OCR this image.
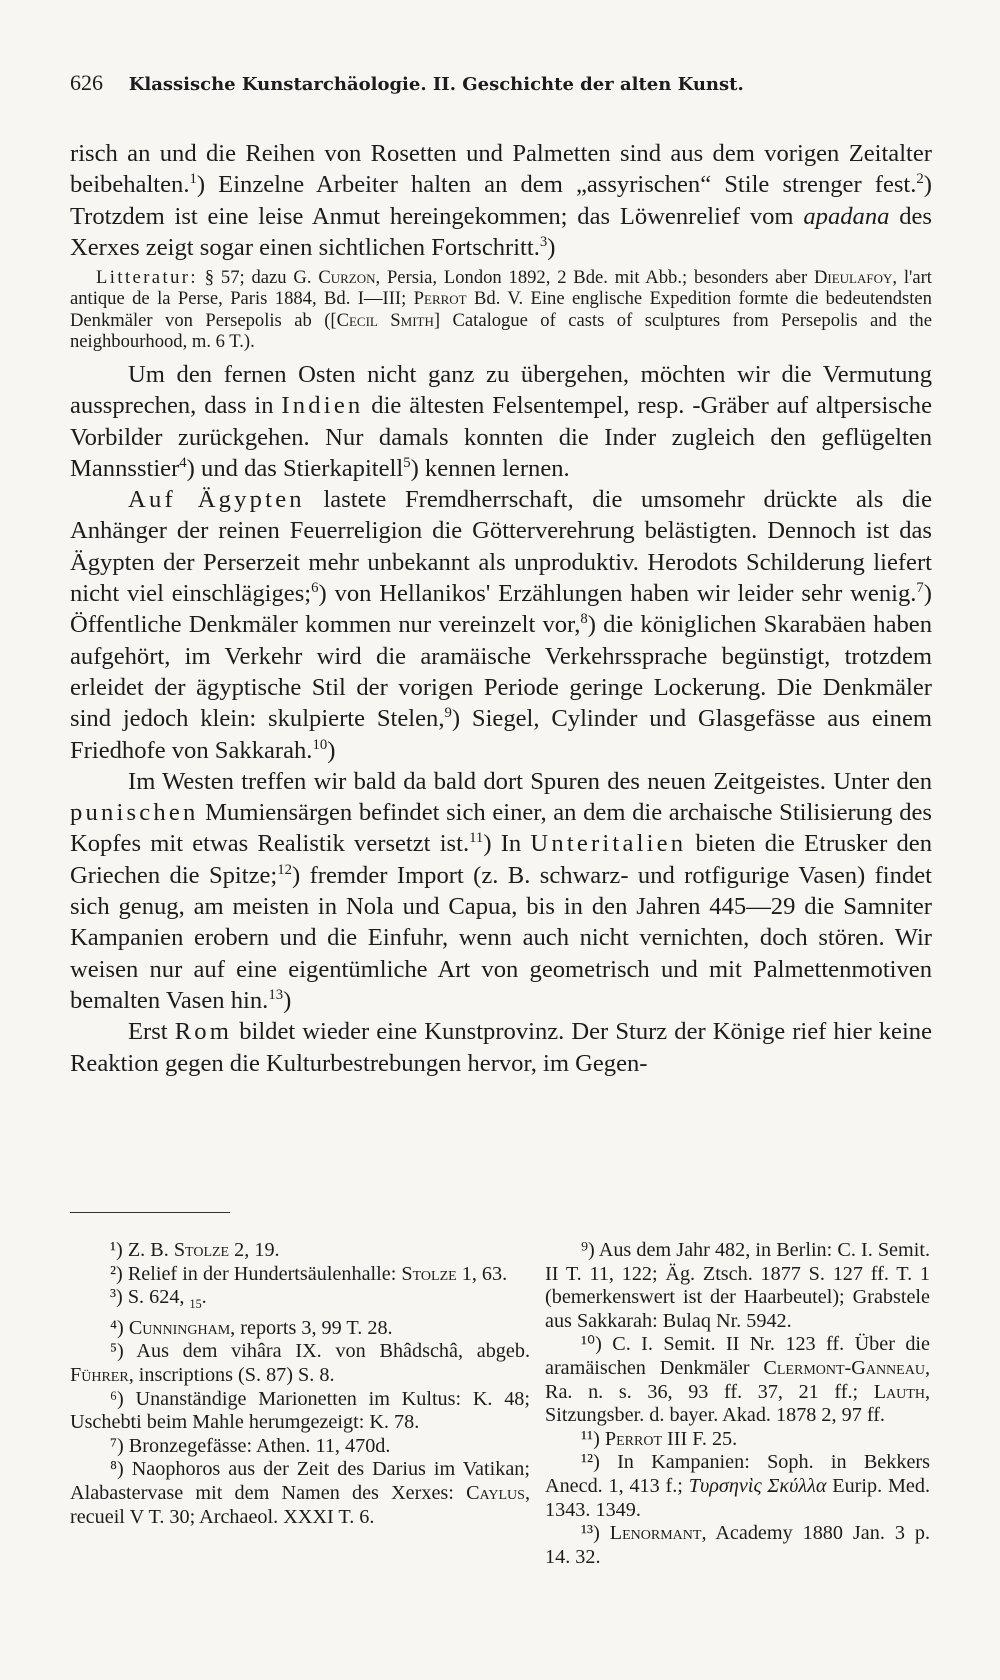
626 Klassische Kunstarchäologie. II. Geschichte der alten Kunst.

risch an und die Reihen von Rosetten und Palmetten sind aus dem vorigen Zeitalter beibehalten.$^1$) Einzelne Arbeiter halten an dem „assyrischen“ Stile strenger fest.$^2$) Trotzdem ist eine leise Anmut hereingekommen; das Löwenrelief vom apadana des Xerxes zeigt sogar einen sichtlichen Fortschritt.$^3$)

Litteratur: § 57; dazu G. Curzon, Persia, London 1892, 2 Bde. mit Abb.; besonders aber Dieulafoy, l'art antique de la Perse, Paris 1884, Bd. I—III; Perrot Bd. V. Eine englische Expedition formte die bedeutendsten Denkmäler von Persepolis ab ([Cecil Smith] Catalogue of casts of sculptures from Persepolis and the neighbourhood, m. 6 T.).

Um den fernen Osten nicht ganz zu übergehen, möchten wir die Vermutung aussprechen, dass in Indien die ältesten Felsentempel, resp. -Gräber auf altpersische Vorbilder zurückgehen. Nur damals konnten die Inder zugleich den geflügelten Mannsstier$^4$) und das Stierkapitell$^5$) kennen lernen.

Auf Ägypten lastete Fremdherrschaft, die umsomehr drückte als die Anhänger der reinen Feuerreligion die Götterverehrung belästigten. Dennoch ist das Ägypten der Perserzeit mehr unbekannt als unproduktiv. Herodots Schilderung liefert nicht viel einschlägiges;$^6$) von Hellanikos' Erzählungen haben wir leider sehr wenig.$^7$) Öffentliche Denkmäler kommen nur vereinzelt vor,$^8$) die königlichen Skarabäen haben aufgehört, im Verkehr wird die aramäische Verkehrssprache begünstigt, trotzdem erleidet der ägyptische Stil der vorigen Periode geringe Lockerung. Die Denkmäler sind jedoch klein: skulpierte Stelen,$^9$) Siegel, Cylinder und Glasgefässe aus einem Friedhofe von Sakkarah.$^{10}$)

Im Westen treffen wir bald da bald dort Spuren des neuen Zeitgeistes. Unter den punischen Mumiensärgen befindet sich einer, an dem die archaische Stilisierung des Kopfes mit etwas Realistik versetzt ist.$^{11}$) In Unteritalien bieten die Etrusker den Griechen die Spitze;$^{12}$) fremder Import (z. B. schwarz- und rotfigurige Vasen) findet sich genug, am meisten in Nola und Capua, bis in den Jahren 445—29 die Samniter Kampanien erobern und die Einfuhr, wenn auch nicht vernichten, doch stören. Wir weisen nur auf eine eigentümliche Art von geometrisch und mit Palmettenmotiven bemalten Vasen hin.$^{13}$)

Erst Rom bildet wieder eine Kunstprovinz. Der Sturz der Könige rief hier keine Reaktion gegen die Kulturbestrebungen hervor, im Gegen-

¹) Z. B. Stolze 2, 19.

²) Relief in der Hundertsäulenhalle: Stolze 1, 63.

³) S. 624, $_{15}$.

⁴) Cunningham, reports 3, 99 T. 28.

⁵) Aus dem vihâra IX. von Bhâdschâ, abgeb. Führer, inscriptions (S. 87) S. 8.

⁶) Unanständige Marionetten im Kultus: K. 48; Uschebti beim Mahle herumgezeigt: K. 78.

⁷) Bronzegefässe: Athen. 11, 470d.

⁸) Naophoros aus der Zeit des Darius im Vatikan; Alabastervase mit dem Namen des Xerxes: Caylus, recueil V T. 30; Archaeol. XXXI T. 6.

⁹) Aus dem Jahr 482, in Berlin: C. I. Semit. II T. 11, 122; Äg. Ztsch. 1877 S. 127 ff. T. 1 (bemerkenswert ist der Haarbeutel); Grabstele aus Sakkarah: Bulaq Nr. 5942.

¹⁰) C. I. Semit. II Nr. 123 ff. Über die aramäischen Denkmäler Clermont-Ganneau, Ra. n. s. 36, 93 ff. 37, 21 ff.; Lauth, Sitzungsber. d. bayer. Akad. 1878 2, 97 ff.

¹¹) Perrot III F. 25.

¹²) In Kampanien: Soph. in Bekkers Anecd. 1, 413 f.; Τυρσηνὶς Σκύλλα Eurip. Med. 1343. 1349.

¹³) Lenormant, Academy 1880 Jan. 3 p. 14. 32.
